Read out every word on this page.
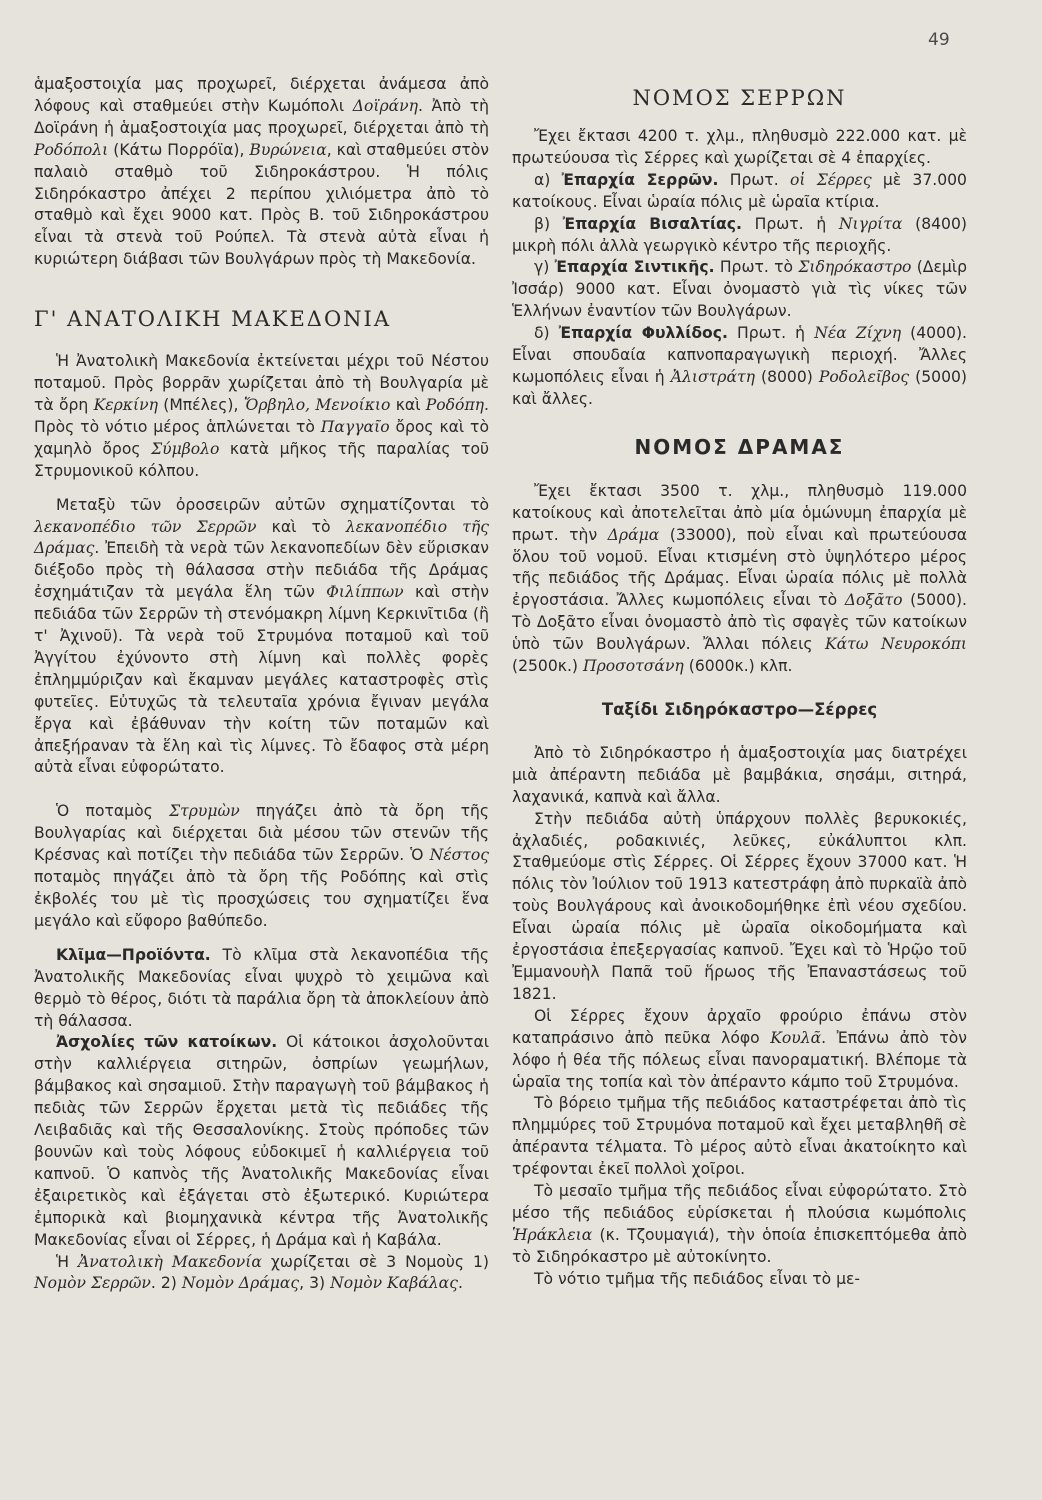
49

ἁμαξοστοιχία μας προχωρεῖ, διέρχεται ἀνάμεσα ἀπὸ λόφους καὶ σταθμεύει στὴν Κωμόπολι Δοϊράνη. Ἀπὸ τὴ Δοϊράνη ἡ ἁμαξοστοιχία μας προχωρεῖ, διέρχεται ἀπὸ τὴ Ροδόπολι (Κάτω Πορρόϊα), Βυρώνεια, καὶ σταθμεύει στὸν παλαιὸ σταθμὸ τοῦ Σιδηροκάστρου. Ἡ πόλις Σιδηρόκαστρο ἀπέχει 2 περίπου χιλιόμετρα ἀπὸ τὸ σταθμὸ καὶ ἔχει 9000 κατ. Πρὸς Β. τοῦ Σιδηροκάστρου εἶναι τὰ στενὰ τοῦ Ρούπελ. Τὰ στενὰ αὐτὰ εἶναι ἡ κυριώτερη διάβασι τῶν Βουλγάρων πρὸς τὴ Μακεδονία.

Γ' ΑΝΑΤΟΛΙΚΗ ΜΑΚΕΔΟΝΙΑ

Ἡ Ἀνατολικὴ Μακεδονία ἐκτείνεται μέχρι τοῦ Νέστου ποταμοῦ. Πρὸς βορρᾶν χωρίζεται ἀπὸ τὴ Βουλγαρία μὲ τὰ ὄρη Κερκίνη (Μπέλες), Ὄρβηλο, Μενοίκιο καὶ Ροδόπη. Πρὸς τὸ νότιο μέρος ἁπλώνεται τὸ Παγγαῖο ὄρος καὶ τὸ χαμηλὸ ὄρος Σύμβολο κατὰ μῆκος τῆς παραλίας τοῦ Στρυμονικοῦ κόλπου.

Μεταξὺ τῶν ὀροσειρῶν αὐτῶν σχηματίζονται τὸ λεκανοπέδιο τῶν Σερρῶν καὶ τὸ λεκανοπέδιο τῆς Δράμας. Ἐπειδὴ τὰ νερὰ τῶν λεκανοπεδίων δὲν εὕρισκαν διέξοδο πρὸς τὴ θάλασσα στὴν πεδιάδα τῆς Δράμας ἐσχημάτιζαν τὰ μεγάλα ἕλη τῶν Φιλίππων καὶ στὴν πεδιάδα τῶν Σερρῶν τὴ στενόμακρη λίμνη Κερκινῖτιδα (ἢ τ' Ἀχινοῦ). Τὰ νερὰ τοῦ Στρυμόνα ποταμοῦ καὶ τοῦ Ἀγγίτου ἐχύνοντο στὴ λίμνη καὶ πολλὲς φορὲς ἐπλημμύριζαν καὶ ἔκαμναν μεγάλες καταστροφὲς στὶς φυτεῖες. Εὐτυχῶς τὰ τελευταῖα χρόνια ἔγιναν μεγάλα ἔργα καὶ ἐβάθυναν τὴν κοίτη τῶν ποταμῶν καὶ ἀπεξήραναν τὰ ἕλη καὶ τὶς λίμνες. Τὸ ἔδαφος στὰ μέρη αὐτὰ εἶναι εὐφορώτατο.

Ὁ ποταμὸς Στρυμὼν πηγάζει ἀπὸ τὰ ὄρη τῆς Βουλγαρίας καὶ διέρχεται διὰ μέσου τῶν στενῶν τῆς Κρέσνας καὶ ποτίζει τὴν πεδιάδα τῶν Σερρῶν. Ὁ Νέστος ποταμὸς πηγάζει ἀπὸ τὰ ὄρη τῆς Ροδόπης καὶ στὶς ἐκβολές του μὲ τὶς προσχώσεις του σχηματίζει ἕνα μεγάλο καὶ εὔφορο βαθύπεδο.

Κλῖμα—Προϊόντα. Τὸ κλῖμα στὰ λεκανοπέδια τῆς Ἀνατολικῆς Μακεδονίας εἶναι ψυχρὸ τὸ χειμῶνα καὶ θερμὸ τὸ θέρος, διότι τὰ παράλια ὄρη τὰ ἀποκλείουν ἀπὸ τὴ θάλασσα.

Ἀσχολίες τῶν κατοίκων. Οἱ κάτοικοι ἀσχολοῦνται στὴν καλλιέργεια σιτηρῶν, ὀσπρίων γεωμήλων, βάμβακος καὶ σησαμιοῦ. Στὴν παραγωγὴ τοῦ βάμβακος ἡ πεδιὰς τῶν Σερρῶν ἔρχεται μετὰ τὶς πεδιάδες τῆς Λειβαδιᾶς καὶ τῆς Θεσσαλονίκης. Στοὺς πρόποδες τῶν βουνῶν καὶ τοὺς λόφους εὐδοκιμεῖ ἡ καλλιέργεια τοῦ καπνοῦ. Ὁ καπνὸς τῆς Ἀνατολικῆς Μακεδονίας εἶναι ἐξαιρετικὸς καὶ ἐξάγεται στὸ ἐξωτερικό. Κυριώτερα ἐμπορικὰ καὶ βιομηχανικὰ κέντρα τῆς Ἀνατολικῆς Μακεδονίας εἶναι οἱ Σέρρες, ἡ Δράμα καὶ ἡ Καβάλα.

Ἡ Ἀνατολικὴ Μακεδονία χωρίζεται σὲ 3 Νομοὺς 1) Νομὸν Σερρῶν. 2) Νομὸν Δράμας, 3) Νομὸν Καβάλας.

ΝΟΜΟΣ ΣΕΡΡΩΝ

Ἔχει ἔκτασι 4200 τ. χλμ., πληθυσμὸ 222.000 κατ. μὲ πρωτεύουσα τὶς Σέρρες καὶ χωρίζεται σὲ 4 ἐπαρχίες.

α) Ἐπαρχία Σερρῶν. Πρωτ. οἱ Σέρρες μὲ 37.000 κατοίκους. Εἶναι ὡραία πόλις μὲ ὡραῖα κτίρια.

β) Ἐπαρχία Βισαλτίας. Πρωτ. ἡ Νιγρίτα (8400) μικρὴ πόλι ἀλλὰ γεωργικὸ κέντρο τῆς περιοχῆς.

γ) Ἐπαρχία Σιντικῆς. Πρωτ. τὸ Σιδηρόκαστρο (Δεμὶρ Ἰσσάρ) 9000 κατ. Εἶναι ὀνομαστὸ γιὰ τὶς νίκες τῶν Ἑλλήνων ἐναντίον τῶν Βουλγάρων.

δ) Ἐπαρχία Φυλλίδος. Πρωτ. ἡ Νέα Ζίχνη (4000). Εἶναι σπουδαία καπνοπαραγωγικὴ περιοχή. Ἄλλες κωμοπόλεις εἶναι ἡ Ἀλιστράτη (8000) Ροδολεῖβος (5000) καὶ ἄλλες.

ΝΟΜΟΣ ΔΡΑΜΑΣ

Ἔχει ἔκτασι 3500 τ. χλμ., πληθυσμὸ 119.000 κατοίκους καὶ ἀποτελεῖται ἀπὸ μία ὁμώνυμη ἐπαρχία μὲ πρωτ. τὴν Δράμα (33000), ποὺ εἶναι καὶ πρωτεύουσα ὅλου τοῦ νομοῦ. Εἶναι κτισμένη στὸ ὑψηλότερο μέρος τῆς πεδιάδος τῆς Δράμας. Εἶναι ὡραία πόλις μὲ πολλὰ ἐργοστάσια. Ἄλλες κωμοπόλεις εἶναι τὸ Δοξᾶτο (5000). Τὸ Δοξᾶτο εἶναι ὀνομαστὸ ἀπὸ τὶς σφαγὲς τῶν κατοίκων ὑπὸ τῶν Βουλγάρων. Ἄλλαι πόλεις Κάτω Νευροκόπι (2500κ.) Προσοτσάνη (6000κ.) κλπ.

Ταξίδι Σιδηρόκαστρο—Σέρρες

Ἀπὸ τὸ Σιδηρόκαστρο ἡ ἁμαξοστοιχία μας διατρέχει μιὰ ἀπέραντη πεδιάδα μὲ βαμβάκια, σησάμι, σιτηρά, λαχανικά, καπνὰ καὶ ἄλλα.

Στὴν πεδιάδα αὐτὴ ὑπάρχουν πολλὲς βερυκοκιές, ἀχλαδιές, ροδακινιές, λεῦκες, εὐκάλυπτοι κλπ. Σταθμεύομε στὶς Σέρρες. Οἱ Σέρρες ἔχουν 37000 κατ. Ἡ πόλις τὸν Ἰούλιον τοῦ 1913 κατεστράφη ἀπὸ πυρκαϊὰ ἀπὸ τοὺς Βουλγάρους καὶ ἀνοικοδομήθηκε ἐπὶ νέου σχεδίου. Εἶναι ὡραία πόλις μὲ ὡραῖα οἰκοδομήματα καὶ ἐργοστάσια ἐπεξεργασίας καπνοῦ. Ἔχει καὶ τὸ Ἡρῷο τοῦ Ἐμμανουὴλ Παπᾶ τοῦ ἥρωος τῆς Ἐπαναστάσεως τοῦ 1821.

Οἱ Σέρρες ἔχουν ἀρχαῖο φρούριο ἐπάνω στὸν καταπράσινο ἀπὸ πεῦκα λόφο Κουλᾶ. Ἐπάνω ἀπὸ τὸν λόφο ἡ θέα τῆς πόλεως εἶναι πανοραματική. Βλέπομε τὰ ὡραῖα της τοπία καὶ τὸν ἀπέραντο κάμπο τοῦ Στρυμόνα.

Τὸ βόρειο τμῆμα τῆς πεδιάδος καταστρέφεται ἀπὸ τὶς πλημμύρες τοῦ Στρυμόνα ποταμοῦ καὶ ἔχει μεταβληθῆ σὲ ἀπέραντα τέλματα. Τὸ μέρος αὐτὸ εἶναι ἀκατοίκητο καὶ τρέφονται ἐκεῖ πολλοὶ χοῖροι.

Τὸ μεσαῖο τμῆμα τῆς πεδιάδος εἶναι εὐφορώτατο. Στὸ μέσο τῆς πεδιάδος εὑρίσκεται ἡ πλούσια κωμόπολις Ἡράκλεια (κ. Τζουμαγιά), τὴν ὁποία ἐπισκεπτόμεθα ἀπὸ τὸ Σιδηρόκαστρο μὲ αὐτοκίνητο.

Τὸ νότιο τμῆμα τῆς πεδιάδος εἶναι τὸ με-
